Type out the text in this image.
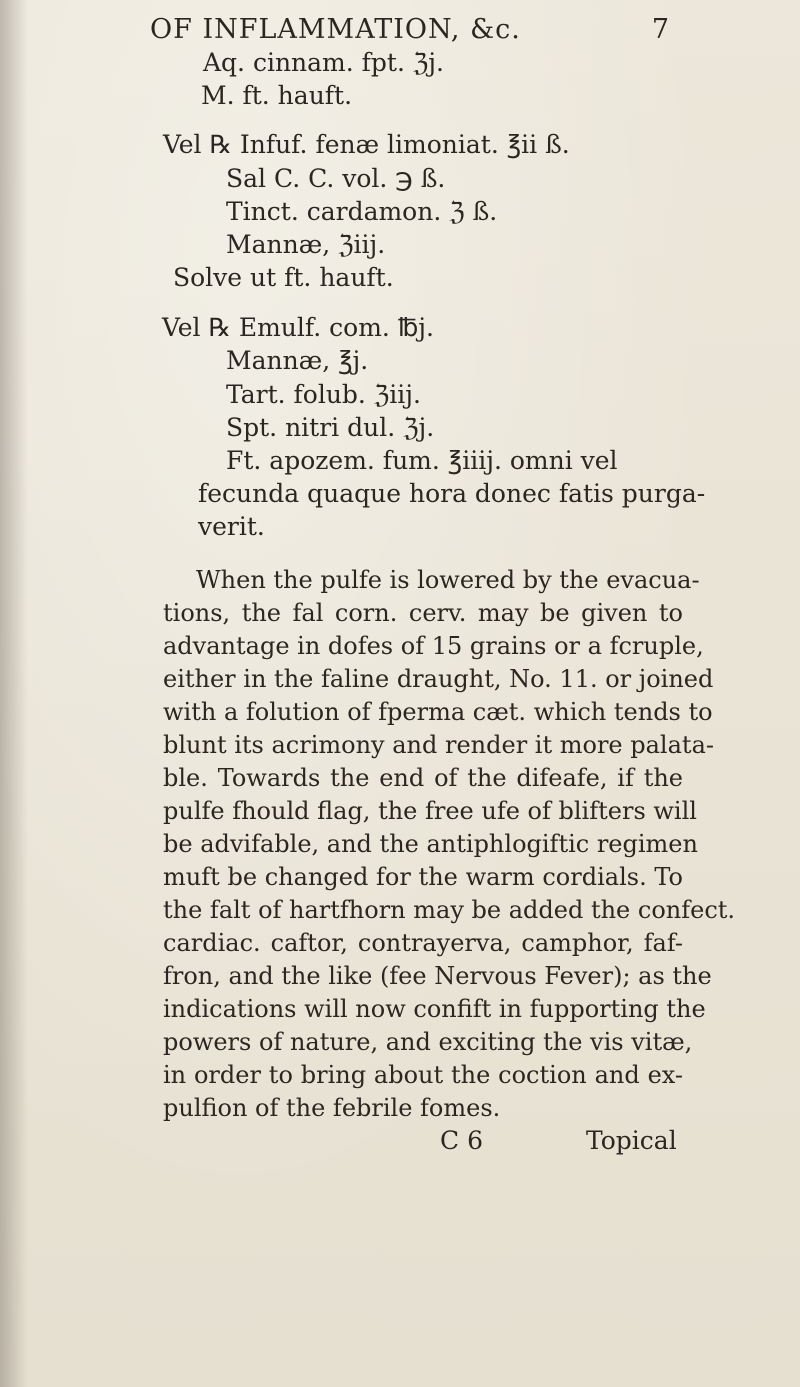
OF INFLAMMATION, &c.	7
Aq. cinnam. fpt. ℨj.
M. ft. hauft.
Vel ℞ Infuf. fenæ limoniat. ℥ii ß.
Sal C. C. vol. ℈ ß.
Tinct. cardamon. ℨ ß.
Mannæ, ℨiij.
Solve ut ft. hauft.
Vel ℞ Emulf. com. ℔j.
Mannæ, ℥j.
Tart. folub. ℨiij.
Spt. nitri dul. ℨj.
Ft. apozem. fum. ℥iiij. omni vel
fecunda quaque hora donec fatis purga-
verit.
When the pulfe is lowered by the evacua-
tions, the fal corn. cerv. may be given to
advantage in dofes of 15 grains or a fcruple,
either in the faline draught, No. 11. or joined
with a folution of fperma cæt. which tends to
blunt its acrimony and render it more palata-
ble. Towards the end of the difeafe, if the
pulfe fhould flag, the free ufe of blifters will
be advifable, and the antiphlogiftic regimen
muft be changed for the warm cordials. To
the falt of hartfhorn may be added the confect.
cardiac. caftor, contrayerva, camphor, faf-
fron, and the like (fee Nervous Fever); as the
indications will now confift in fupporting the
powers of nature, and exciting the vis vitæ,
in order to bring about the coction and ex-
pulfion of the febrile fomes.
C 6	Topical
